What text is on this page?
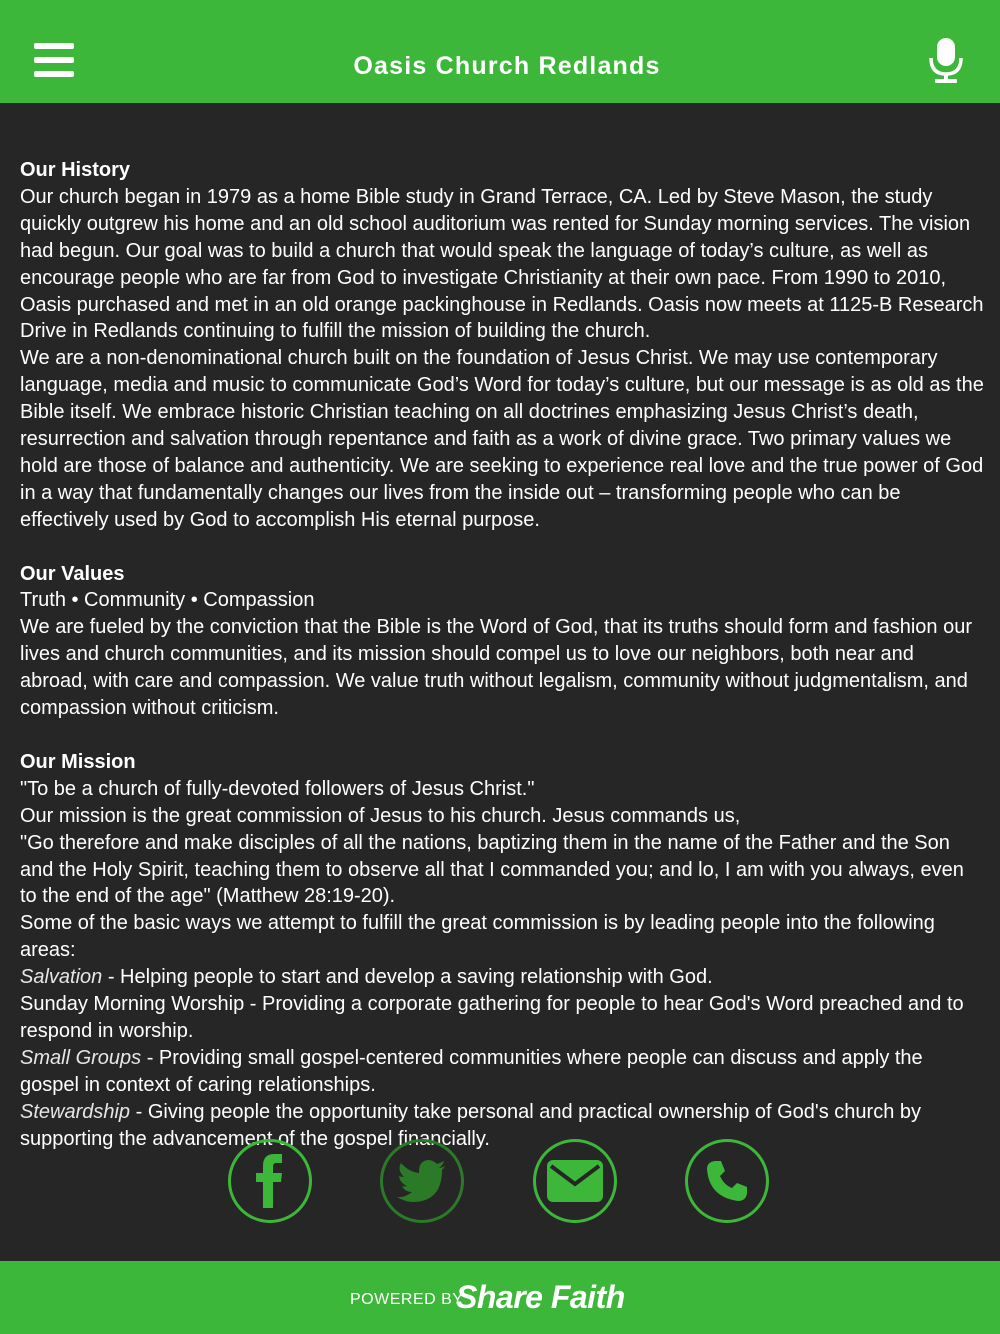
Oasis Church Redlands
Our History

Our church began in 1979 as a home Bible study in Grand Terrace, CA. Led by Steve Mason, the study quickly outgrew his home and an old school auditorium was rented for Sunday morning services. The vision had begun. Our goal was to build a church that would speak the language of today’s culture, as well as encourage people who are far from God to investigate Christianity at their own pace. From 1990 to 2010, Oasis purchased and met in an old orange packinghouse in Redlands. Oasis now meets at 1125-B Research Drive in Redlands continuing to fulfill the mission of building the church.

We are a non-denominational church built on the foundation of Jesus Christ. We may use contemporary language, media and music to communicate God’s Word for today’s culture, but our message is as old as the Bible itself. We embrace historic Christian teaching on all doctrines emphasizing Jesus Christ’s death, resurrection and salvation through repentance and faith as a work of divine grace. Two primary values we hold are those of balance and authenticity. We are seeking to experience real love and the true power of God in a way that fundamentally changes our lives from the inside out – transforming people who can be effectively used by God to accomplish His eternal purpose.

Our Values

Truth • Community • Compassion

We are fueled by the conviction that the Bible is the Word of God, that its truths should form and fashion our lives and church communities, and its mission should compel us to love our neighbors, both near and abroad, with care and compassion. We value truth without legalism, community without judgmentalism, and compassion without criticism.

Our Mission

"To be a church of fully-devoted followers of Jesus Christ."

Our mission is the great commission of Jesus to his church. Jesus commands us,

"Go therefore and make disciples of all the nations, baptizing them in the name of the Father and the Son and the Holy Spirit, teaching them to observe all that I commanded you; and lo, I am with you always, even to the end of the age" (Matthew 28:19-20).

Some of the basic ways we attempt to fulfill the great commission is by leading people into the following areas:

Salvation - Helping people to start and develop a saving relationship with God.

Sunday Morning Worship - Providing a corporate gathering for people to hear God's Word preached and to respond in worship.

Small Groups - Providing small gospel-centered communities where people can discuss and apply the gospel in context of caring relationships.

Stewardship - Giving people the opportunity take personal and practical ownership of God's church by supporting the advancement of the gospel financially.

POWERED BY
Share Faith
